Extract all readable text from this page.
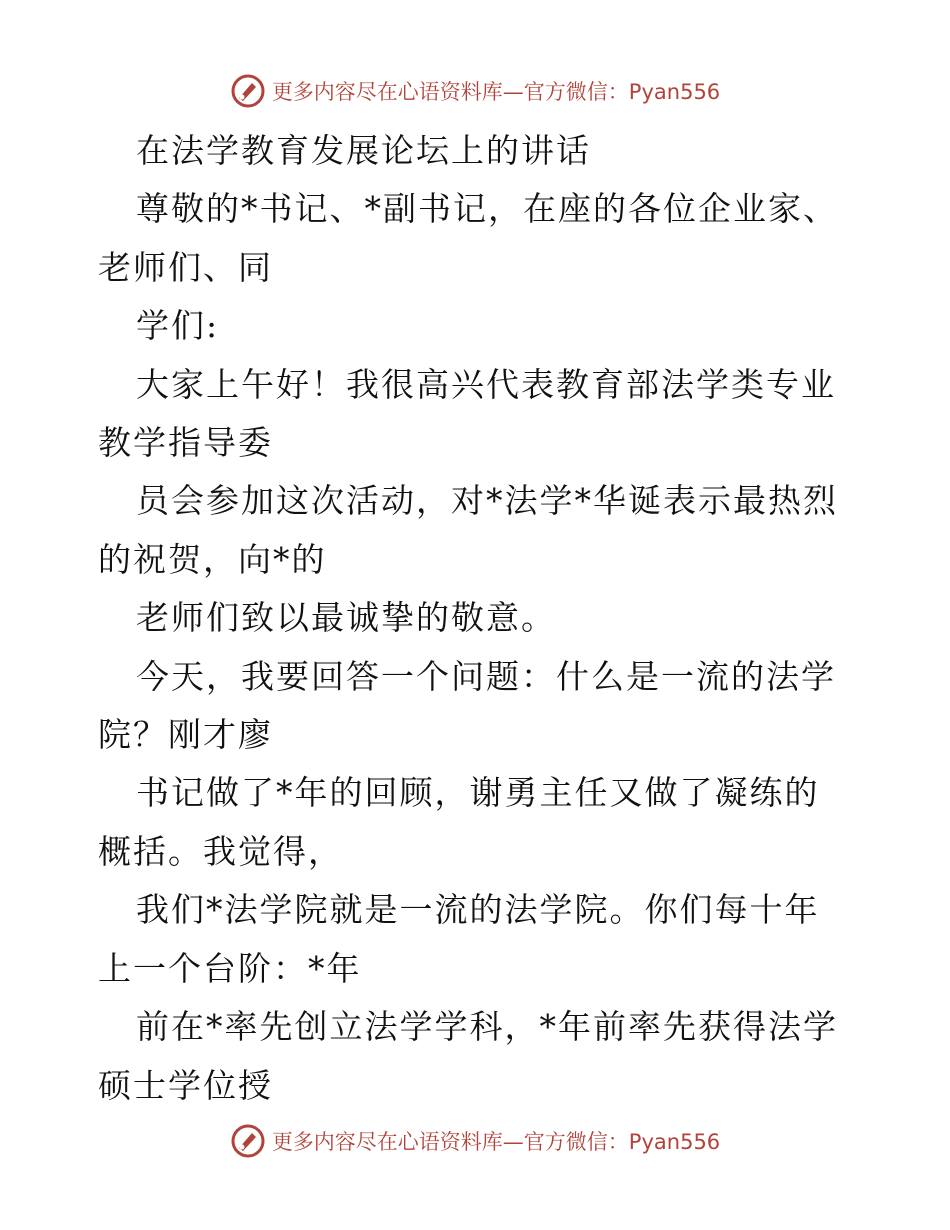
更多内容尽在心语资料库—官方微信：Pyan556

在法学教育发展论坛上的讲话

尊敬的*书记、*副书记，在座的各位企业家、老师们、同

学们:

大家上午好！我很高兴代表教育部法学类专业教学指导委

员会参加这次活动，对*法学*华诞表示最热烈的祝贺，向*的

老师们致以最诚挚的敬意。

今天，我要回答一个问题：什么是一流的法学院？刚才廖

书记做了*年的回顾，谢勇主任又做了凝练的概括。我觉得，

我们*法学院就是一流的法学院。你们每十年上一个台阶：*年

前在*率先创立法学学科，*年前率先获得法学硕士学位授

更多内容尽在心语资料库—官方微信：Pyan556
